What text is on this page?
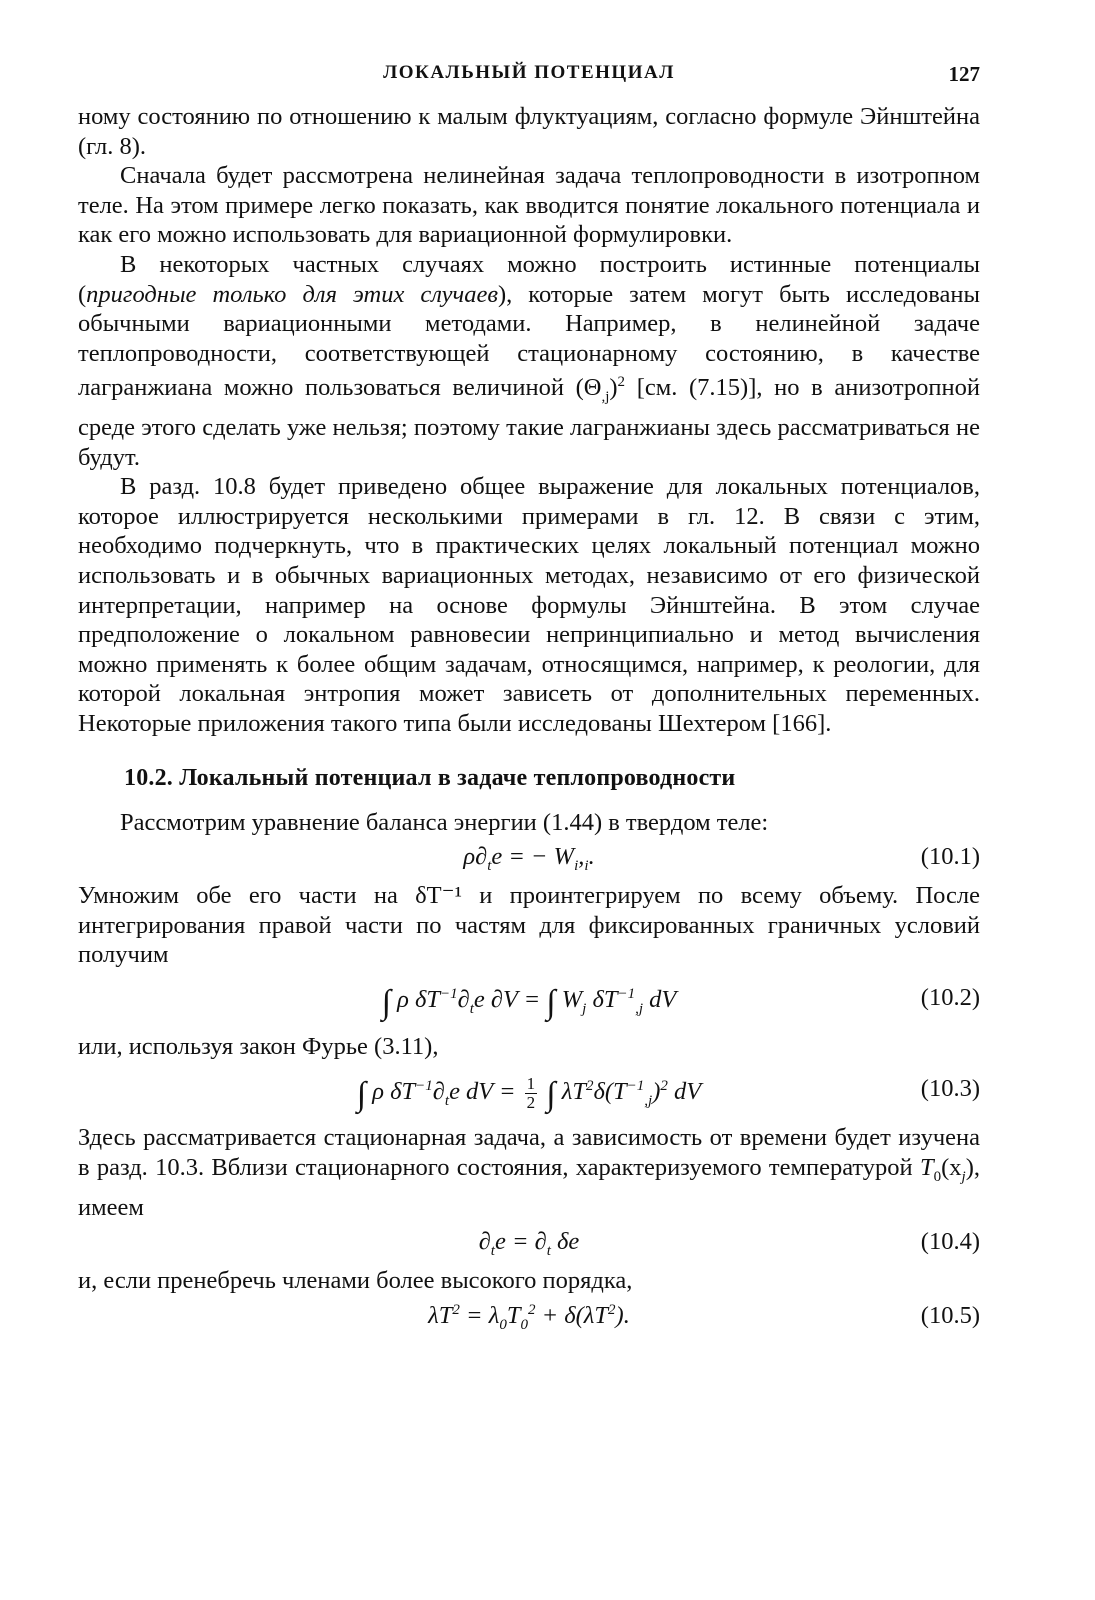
ЛОКАЛЬНЫЙ ПОТЕНЦИАЛ	127

ному состоянию по отношению к малым флуктуациям, согласно формуле Эйнштейна (гл. 8).

Сначала будет рассмотрена нелинейная задача теплопроводности в изотропном теле. На этом примере легко показать, как вводится понятие локального потенциала и как его можно использовать для вариационной формулировки.

В некоторых частных случаях можно построить истинные потенциалы (пригодные только для этих случаев), которые затем могут быть исследованы обычными вариационными методами. Например, в нелинейной задаче теплопроводности, соответствующей стационарному состоянию, в качестве лагранжиана можно пользоваться величиной $(\Theta_{,j})^2$ [см. (7.15)], но в анизотропной среде этого сделать уже нельзя; поэтому такие лагранжианы здесь рассматриваться не будут.

В разд. 10.8 будет приведено общее выражение для локальных потенциалов, которое иллюстрируется несколькими примерами в гл. 12. В связи с этим, необходимо подчеркнуть, что в практических целях локальный потенциал можно использовать и в обычных вариационных методах, независимо от его физической интерпретации, например на основе формулы Эйнштейна. В этом случае предположение о локальном равновесии непринципиально и метод вычисления можно применять к более общим задачам, относящимся, например, к реологии, для которой локальная энтропия может зависеть от дополнительных переменных. Некоторые приложения такого типа были исследованы Шехтером [166].

10.2. Локальный потенциал в задаче теплопроводности

Рассмотрим уравнение баланса энергии (1.44) в твердом теле:

$\rho\partial_te$ = − $W_i,_i$.	(10.1)

Умножим обе его части на δT⁻¹ и проинтегрируем по всему объему. После интегрирования правой части по частям для фиксированных граничных условий получим

∫ ρ $\delta T^{-1}\partial_te$ ∂V = ∫ $W_j$ $\delta T^{-1}_{,j}$ dV	(10.2)

или, используя закон Фурье (3.11),

∫ ρ $\delta T^{-1}\partial_te$ dV = $\frac{1}{2}$ ∫ $\lambda T^2\delta(T^{-1}_{,j})^2$ dV	(10.3)

Здесь рассматривается стационарная задача, а зависимость от времени будет изучена в разд. 10.3. Вблизи стационарного состояния, характеризуемого температурой $T_0(x_j)$, имеем

$\partial_te = \partial_t$ δe	(10.4)

и, если пренебречь членами более высокого порядка,

$\lambda T^2 = \lambda_0T_0^2 + \delta(\lambda T^2)$.	(10.5)
